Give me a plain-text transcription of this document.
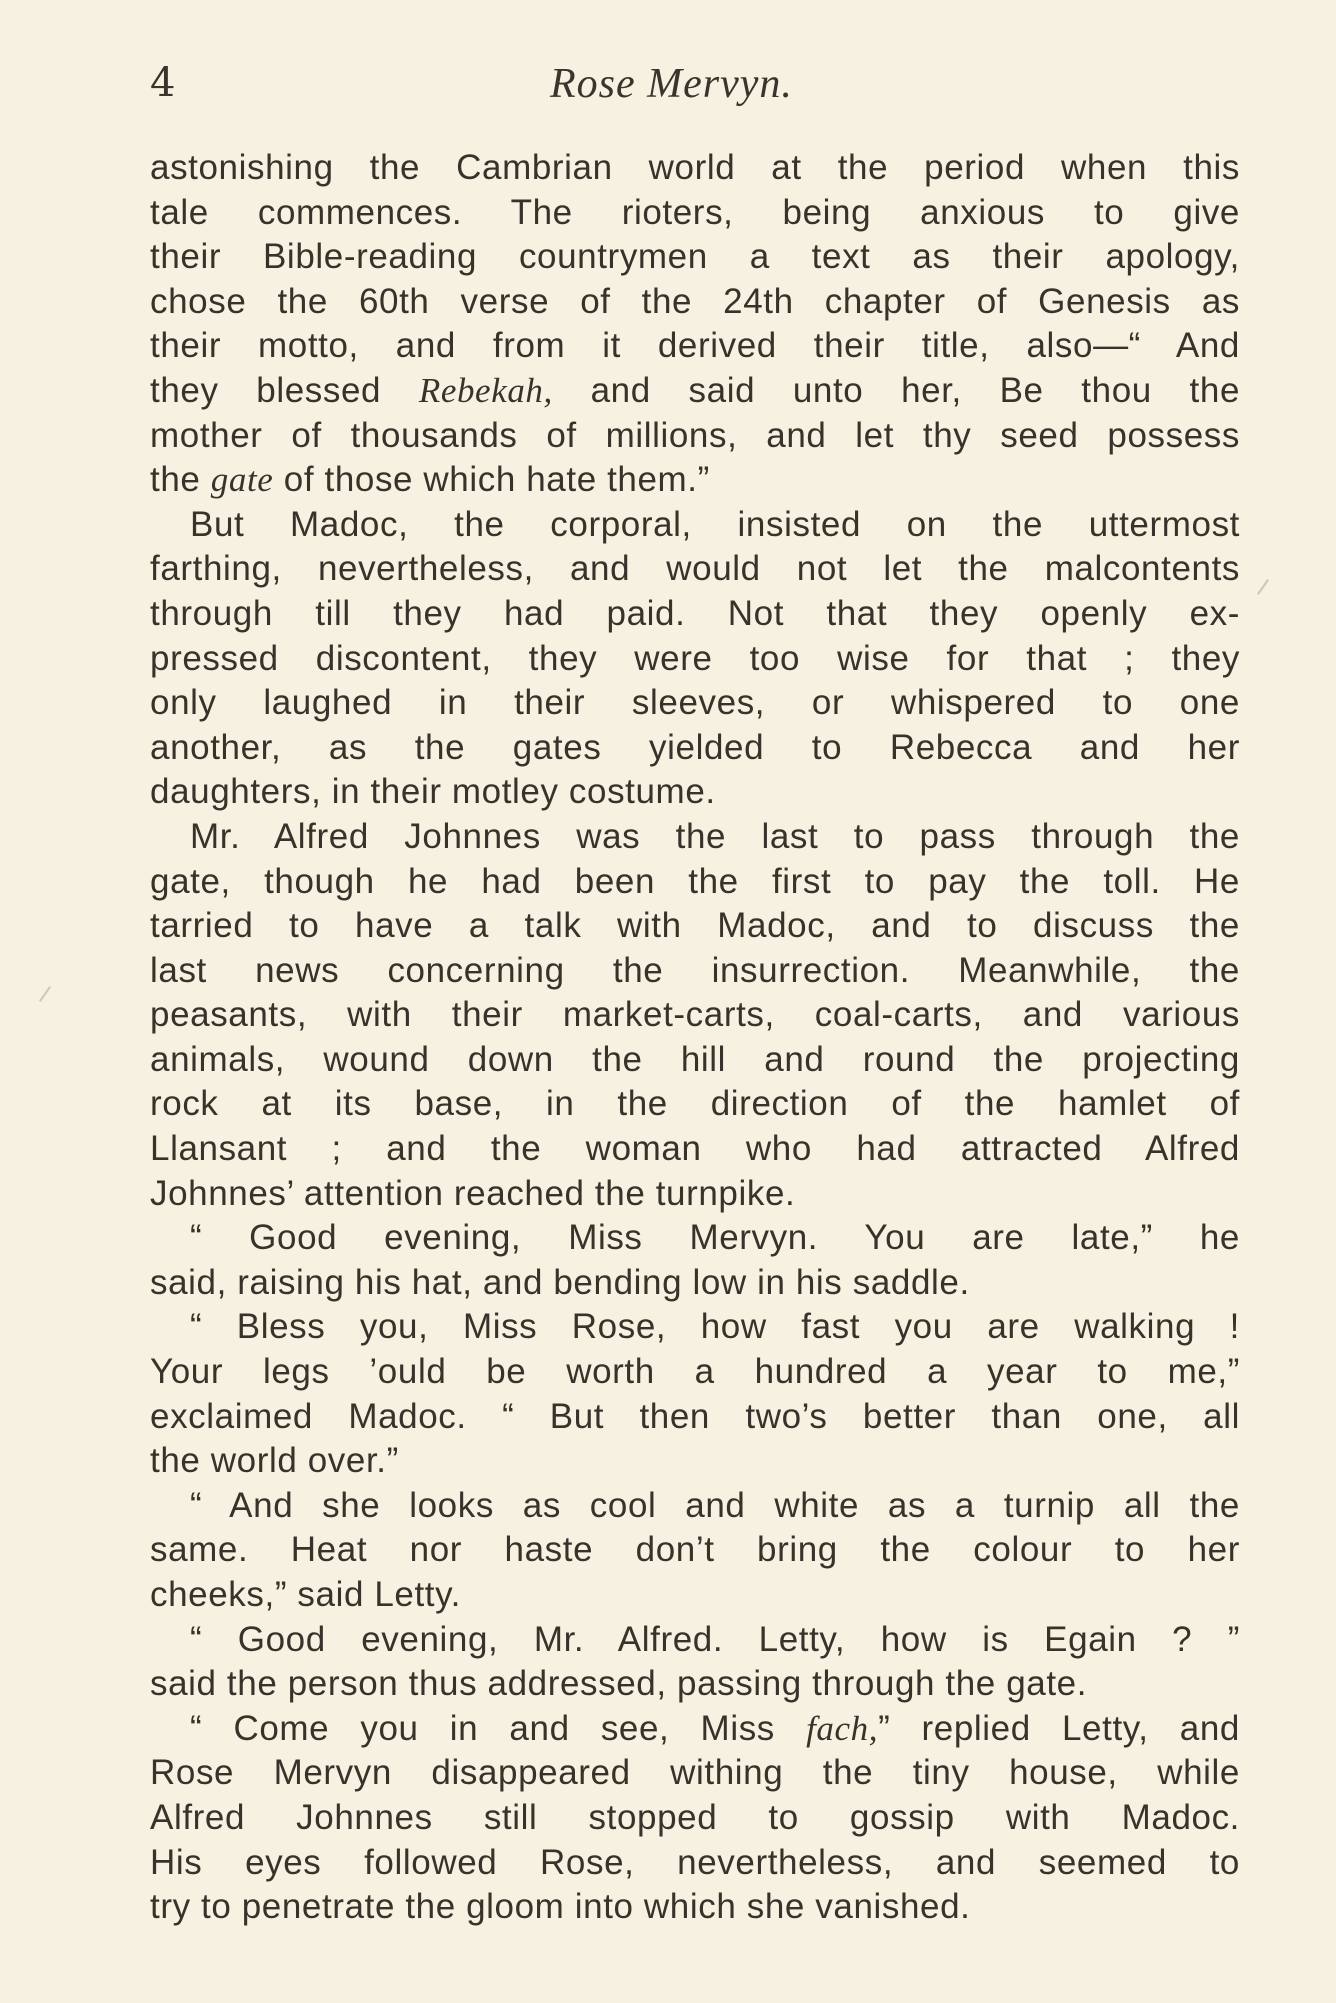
4	Rose Mervyn.
astonishing the Cambrian world at the period when this
tale commences. The rioters, being anxious to give
their Bible-reading countrymen a text as their apology,
chose the 60th verse of the 24th chapter of Genesis as
their motto, and from it derived their title, also—“ And
they blessed Rebekah, and said unto her, Be thou the
mother of thousands of millions, and let thy seed possess
the gate of those which hate them.”
But Madoc, the corporal, insisted on the uttermost
farthing, nevertheless, and would not let the malcontents
through till they had paid. Not that they openly ex-
pressed discontent, they were too wise for that ; they
only laughed in their sleeves, or whispered to one
another, as the gates yielded to Rebecca and her
daughters, in their motley costume.
Mr. Alfred Johnnes was the last to pass through the
gate, though he had been the first to pay the toll. He
tarried to have a talk with Madoc, and to discuss the
last news concerning the insurrection. Meanwhile, the
peasants, with their market-carts, coal-carts, and various
animals, wound down the hill and round the projecting
rock at its base, in the direction of the hamlet of
Llansant ; and the woman who had attracted Alfred
Johnnes’ attention reached the turnpike.
“ Good evening, Miss Mervyn. You are late,” he
said, raising his hat, and bending low in his saddle.
“ Bless you, Miss Rose, how fast you are walking !
Your legs ’ould be worth a hundred a year to me,”
exclaimed Madoc. “ But then two’s better than one, all
the world over.”
“ And she looks as cool and white as a turnip all the
same. Heat nor haste don’t bring the colour to her
cheeks,” said Letty.
“ Good evening, Mr. Alfred. Letty, how is Egain ? ”
said the person thus addressed, passing through the gate.
“ Come you in and see, Miss fach,” replied Letty, and
Rose Mervyn disappeared withing the tiny house, while
Alfred Johnnes still stopped to gossip with Madoc.
His eyes followed Rose, nevertheless, and seemed to
try to penetrate the gloom into which she vanished.
